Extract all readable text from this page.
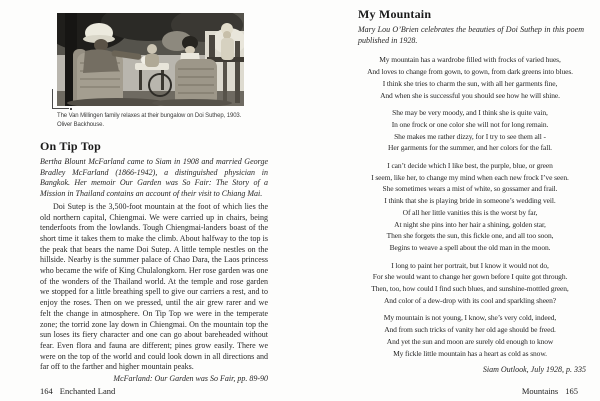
The Van Millingen family relaxes at their bungalow on Doi Suthep, 1903.
Oliver Backhouse.
On Tip Top

Bertha Blount McFarland came to Siam in 1908 and married George Bradley McFarland (1866-1942), a distinguished physician in Bangkok. Her memoir Our Garden was So Fair: The Story of a Mission in Thailand contains an account of their visit to Chiang Mai.

Doi Sutep is the 3,500-foot mountain at the foot of which lies the old northern capital, Chiengmai. We were carried up in chairs, being tenderfoots from the lowlands. Tough Chiengmai-landers boast of the short time it takes them to make the climb. About halfway to the top is the peak that bears the name Doi Sutep. A little temple nestles on the hillside. Nearby is the summer palace of Chao Dara, the Laos princess who became the wife of King Chulalongkorn. Her rose garden was one of the wonders of the Thailand world. At the temple and rose garden we stopped for a little breathing spell to give our carriers a rest, and to enjoy the roses. Then on we pressed, until the air grew rarer and we felt the change in atmosphere. On Tip Top we were in the temperate zone; the torrid zone lay down in Chiengmai. On the mountain top the sun loses its fiery character and one can go about bareheaded without fear. Even flora and fauna are different; pines grow easily. There we were on the top of the world and could look down in all directions and far off to the farther and higher mountain peaks.

McFarland: Our Garden was So Fair, pp. 89-90
164 Enchanted Land
My Mountain

Mary Lou O’Brien celebrates the beauties of Doi Suthep in this poem published in 1928.

My mountain has a wardrobe filled with frocks of varied hues,
And loves to change from gown, to gown, from dark greens into blues.
I think she tries to charm the sun, with all her garments fine,
And when she is successful you should see how he will shine.
She may be very moody, and I think she is quite vain,
In one frock or one color she will not for long remain.
She makes me rather dizzy, for I try to see them all -
Her garments for the summer, and her colors for the fall.
I can’t decide which I like best, the purple, blue, or green
I seem, like her, to change my mind when each new frock I’ve seen.
She sometimes wears a mist of white, so gossamer and frail.
I think that she is playing bride in someone’s wedding veil.
Of all her little vanities this is the worst by far,
At night she pins into her hair a shining, golden star,
Then she forgets the sun, this fickle one, and all too soon,
Begins to weave a spell about the old man in the moon.
I long to paint her portrait, but I know it would not do,
For she would want to change her gown before I quite got through.
Then, too, how could I find such blues, and sunshine-mottled green,
And color of a dew-drop with its cool and sparkling sheen?
My mountain is not young, I know, she’s very cold, indeed,
And from such tricks of vanity her old age should be freed.
And yet the sun and moon are surely old enough to know
My fickle little mountain has a heart as cold as snow.
Siam Outlook, July 1928, p. 335
Mountains 165
